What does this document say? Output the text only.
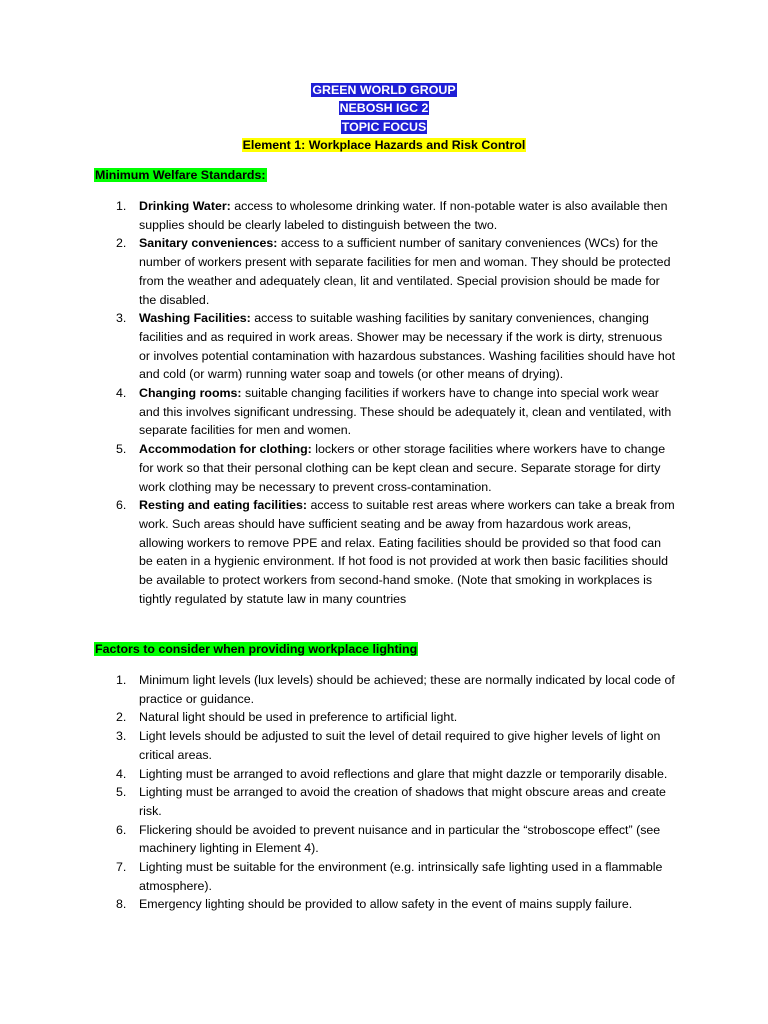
GREEN WORLD GROUP
NEBOSH IGC 2
TOPIC FOCUS
Element 1: Workplace Hazards and Risk Control
Minimum Welfare Standards:
1. Drinking Water: access to wholesome drinking water. If non-potable water is also available then supplies should be clearly labeled to distinguish between the two.
2. Sanitary conveniences: access to a sufficient number of sanitary conveniences (WCs) for the number of workers present with separate facilities for men and woman. They should be protected from the weather and adequately clean, lit and ventilated. Special provision should be made for the disabled.
3. Washing Facilities: access to suitable washing facilities by sanitary conveniences, changing facilities and as required in work areas. Shower may be necessary if the work is dirty, strenuous or involves potential contamination with hazardous substances. Washing facilities should have hot and cold (or warm) running water soap and towels (or other means of drying).
4. Changing rooms: suitable changing facilities if workers have to change into special work wear and this involves significant undressing. These should be adequately it, clean and ventilated, with separate facilities for men and women.
5. Accommodation for clothing: lockers or other storage facilities where workers have to change for work so that their personal clothing can be kept clean and secure. Separate storage for dirty work clothing may be necessary to prevent cross-contamination.
6. Resting and eating facilities: access to suitable rest areas where workers can take a break from work. Such areas should have sufficient seating and be away from hazardous work areas, allowing workers to remove PPE and relax. Eating facilities should be provided so that food can be eaten in a hygienic environment. If hot food is not provided at work then basic facilities should be available to protect workers from second-hand smoke. (Note that smoking in workplaces is tightly regulated by statute law in many countries
Factors to consider when providing workplace lighting
1. Minimum light levels (lux levels) should be achieved; these are normally indicated by local code of practice or guidance.
2. Natural light should be used in preference to artificial light.
3. Light levels should be adjusted to suit the level of detail required to give higher levels of light on critical areas.
4. Lighting must be arranged to avoid reflections and glare that might dazzle or temporarily disable.
5. Lighting must be arranged to avoid the creation of shadows that might obscure areas and create risk.
6. Flickering should be avoided to prevent nuisance and in particular the “stroboscope effect” (see machinery lighting in Element 4).
7. Lighting must be suitable for the environment (e.g. intrinsically safe lighting used in a flammable atmosphere).
8. Emergency lighting should be provided to allow safety in the event of mains supply failure.
